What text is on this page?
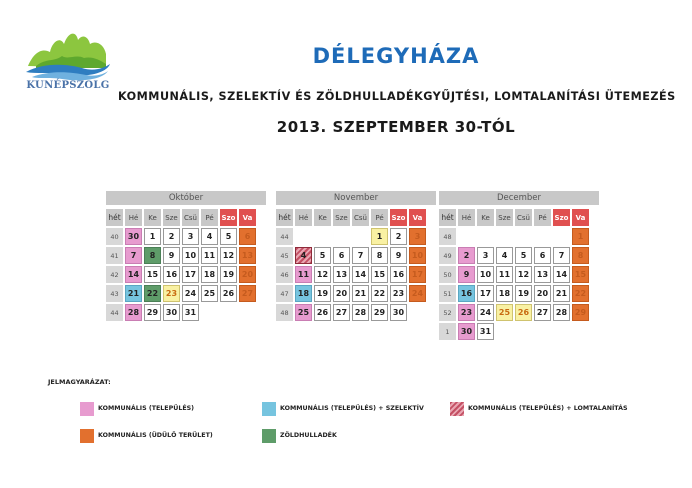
KUNÉPSZOLG
DÉLEGYHÁZA
KOMMUNÁLIS, SZELEKTÍV ÉS ZÖLDHULLADÉKGYŰJTÉSI, LOMTALANÍTÁSI ÜTEMEZÉS
2013. SZEPTEMBER 30-TÓL
Október
hét	Hé	Ke	Sze	Csü	Pé	Szo	Va
40	30	1	2	3	4	5	6
41	7	8	9	10	11	12	13
42	14	15	16	17	18	19	20
43	21	22	23	24	25	26	27
44	28	29	30	31			
November
hét	Hé	Ke	Sze	Csü	Pé	Szo	Va
44					1	2	3
45	4	5	6	7	8	9	10
46	11	12	13	14	15	16	17
47	18	19	20	21	22	23	24
48	25	26	27	28	29	30	
December
hét	Hé	Ke	Sze	Csü	Pé	Szo	Va
48							1
49	2	3	4	5	6	7	8
50	9	10	11	12	13	14	15
51	16	17	18	19	20	21	22
52	23	24	25	26	27	28	29
1	30	31					
JELMAGYARÁZAT:
KOMMUNÁLIS (TELEPÜLÉS)	KOMMUNÁLIS (TELEPÜLÉS) + SZELEKTÍV	KOMMUNÁLIS (TELEPÜLÉS) + LOMTALANÍTÁS
KOMMUNÁLIS (ÜDÜLŐ TERÜLET)	ZÖLDHULLADÉK
